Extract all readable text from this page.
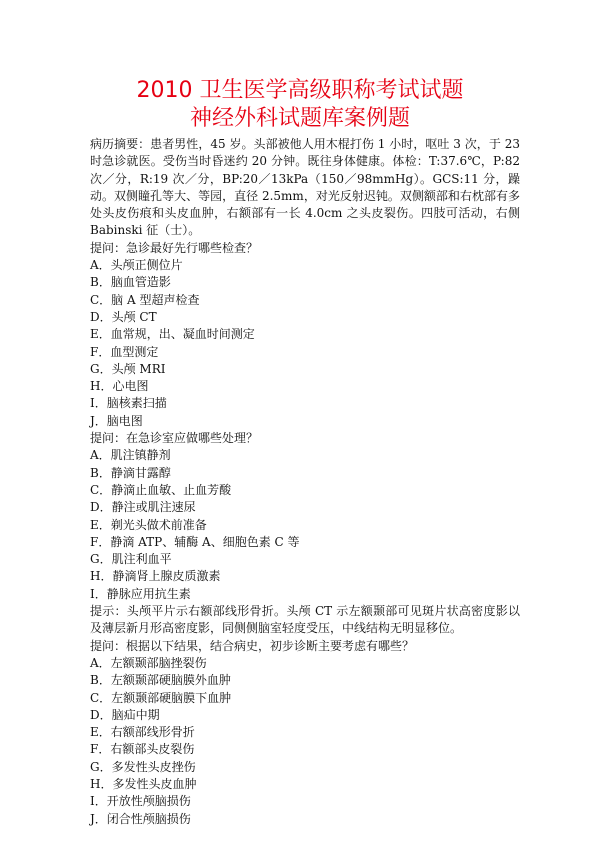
2010 卫生医学高级职称考试试题
神经外科试题库案例题

病历摘要：患者男性，45 岁。头部被他人用木棍打伤 1 小时，呕吐 3 次，于 23 时急诊就医。受伤当时昏迷约 20 分钟。既往身体健康。体检：T:37.6℃，P:82 次／分，R:19 次／分，BP:20／13kPa（150／98mmHg）。GCS:11 分，躁动。双侧瞳孔等大、等园，直径 2.5mm，对光反射迟钝。双侧额部和右枕部有多处头皮伤痕和头皮血肿，右额部有一长 4.0cm 之头皮裂伤。四肢可活动，右侧 Babinski 征（士）。

提问：急诊最好先行哪些检查？

A．头颅正侧位片

B．脑血管造影

C．脑 A 型超声检查

D．头颅 CT

E．血常规，出、凝血时间测定

F．血型测定

G．头颅 MRI

H．心电图

I．脑核素扫描

J．脑电图

提问：在急诊室应做哪些处理？

A．肌注镇静剂

B．静滴甘露醇

C．静滴止血敏、止血芳酸

D．静注或肌注速尿

E．剃光头做术前准备

F．静滴 ATP、辅酶 A、细胞色素 C 等

G．肌注利血平

H．静滴肾上腺皮质激素

I．静脉应用抗生素

提示：头颅平片示右额部线形骨折。头颅 CT 示左额颞部可见斑片状高密度影以及薄层新月形高密度影，同侧侧脑室轻度受压，中线结构无明显移位。

提问：根据以下结果，结合病史，初步诊断主要考虑有哪些？

A．左额颞部脑挫裂伤

B．左额颞部硬脑膜外血肿

C．左额颞部硬脑膜下血肿

D．脑疝中期

E．右额部线形骨折

F．右额部头皮裂伤

G．多发性头皮挫伤

H．多发性头皮血肿

I．开放性颅脑损伤

J．闭合性颅脑损伤
